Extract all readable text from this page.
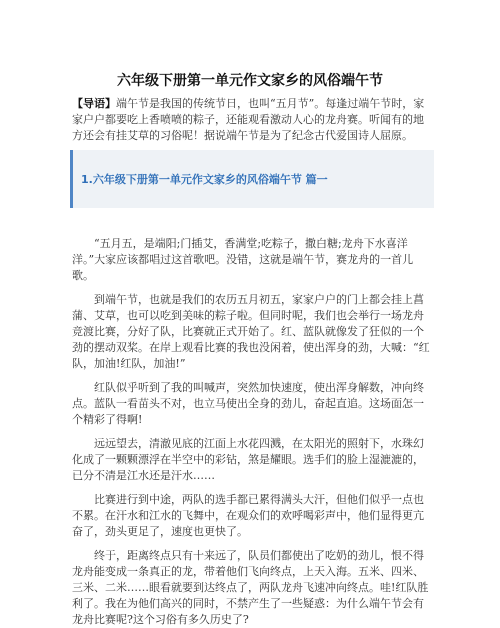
六年级下册第一单元作文家乡的风俗端午节
【导语】端午节是我国的传统节日，也叫“五月节”。每逢过端午节时，家家户户都要吃上香喷喷的粽子，还能观看激动人心的龙舟赛。听闻有的地方还会有挂艾草的习俗呢！据说端午节是为了纪念古代爱国诗人屈原。
1.六年级下册第一单元作文家乡的风俗端午节 篇一

“五月五，是端阳;门插艾，香满堂;吃粽子，撒白糖;龙舟下水喜洋洋。”大家应该都唱过这首歌吧。没错，这就是端午节，赛龙舟的一首儿歌。

到端午节，也就是我们的农历五月初五，家家户户的门上都会挂上菖蒲、艾草，也可以吃到美味的粽子啦。但同时呢，我们也会举行一场龙舟竞渡比赛，分好了队，比赛就正式开始了。红、蓝队就像发了狂似的一个劲的摆动双桨。在岸上观看比赛的我也没闲着，使出浑身的劲，大喊：“红队，加油!红队，加油!”

红队似乎听到了我的叫喊声，突然加快速度，使出浑身解数，冲向终点。蓝队一看苗头不对，也立马使出全身的劲儿，奋起直追。这场面怎一个精彩了得啊!

远远望去，清澈见底的江面上水花四溅，在太阳光的照射下，水珠幻化成了一颗颗漂浮在半空中的彩钻，煞是耀眼。选手们的脸上湿漉漉的，已分不清是江水还是汗水……

比赛进行到中途，两队的选手都已累得满头大汗，但他们似乎一点也不累。在汗水和江水的飞舞中，在观众们的欢呼喝彩声中，他们显得更亢奋了，劲头更足了，速度也更快了。

终于，距离终点只有十来远了，队员们都使出了吃奶的劲儿，恨不得龙舟能变成一条真正的龙，带着他们飞向终点，上天入海。五米、四米、三米、二米……眼看就要到达终点了，两队龙舟飞速冲向终点。哇!红队胜利了。我在为他们高兴的同时，不禁产生了一些疑惑：为什么端午节会有龙舟比赛呢?这个习俗有多久历史了?
